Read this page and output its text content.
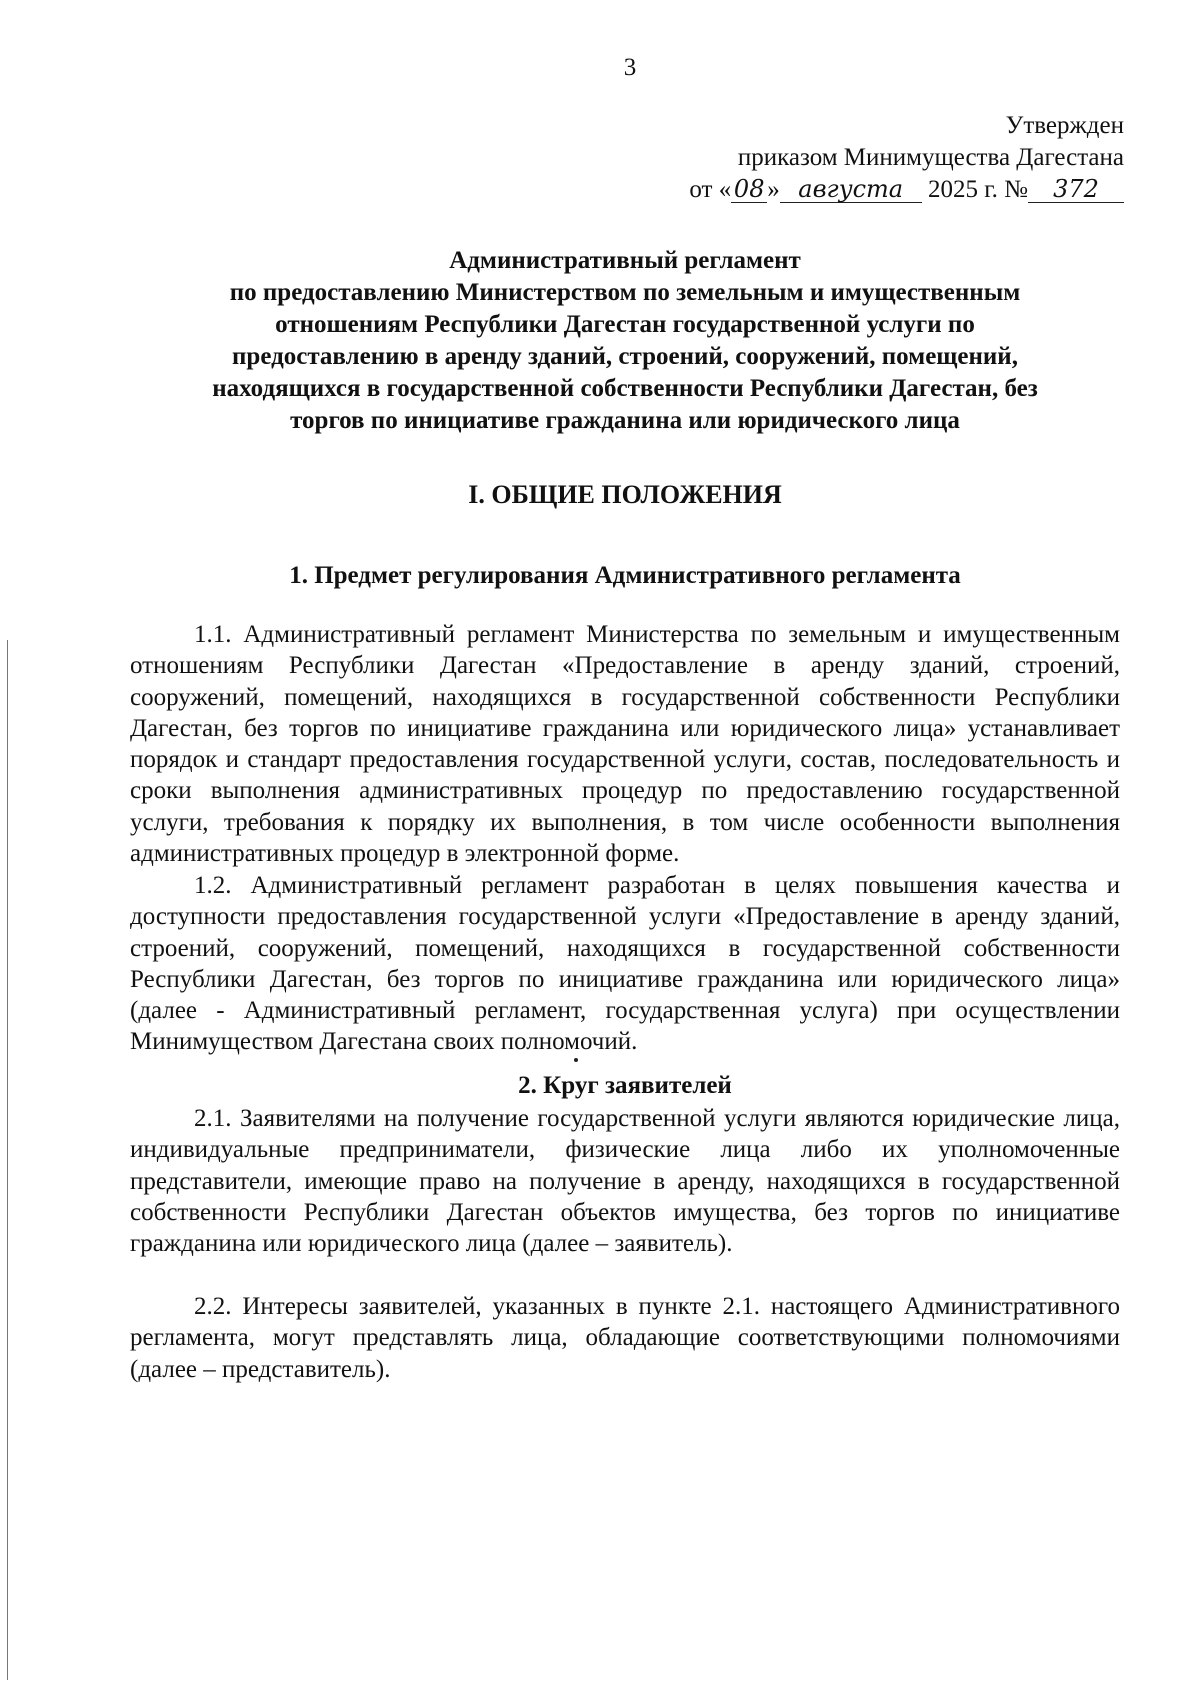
3
Утвержден
приказом Минимущества Дагестана
от « 08 » августа 2025 г. № 372
Административный регламент
по предоставлению Министерством по земельным и имущественным
отношениям Республики Дагестан государственной услуги по
предоставлению в аренду зданий, строений, сооружений, помещений,
находящихся в государственной собственности Республики Дагестан, без
торгов по инициативе гражданина или юридического лица
I. ОБЩИЕ ПОЛОЖЕНИЯ
1. Предмет регулирования Административного регламента

1.1. Административный регламент Министерства по земельным и имущественным отношениям Республики Дагестан «Предоставление в аренду зданий, строений, сооружений, помещений, находящихся в государственной собственности Республики Дагестан, без торгов по инициативе гражданина или юридического лица» устанавливает порядок и стандарт предоставления государственной услуги, состав, последовательность и сроки выполнения административных процедур по предоставлению государственной услуги, требования к порядку их выполнения, в том числе особенности выполнения административных процедур в электронной форме.

1.2. Административный регламент разработан в целях повышения качества и доступности предоставления государственной услуги «Предоставление в аренду зданий, строений, сооружений, помещений, находящихся в государственной собственности Республики Дагестан, без торгов по инициативе гражданина или юридического лица» (далее - Административный регламент, государственная услуга) при осуществлении Минимуществом Дагестана своих полномочий.

2. Круг заявителей

2.1. Заявителями на получение государственной услуги являются юридические лица, индивидуальные предприниматели, физические лица либо их уполномоченные представители, имеющие право на получение в аренду, находящихся в государственной собственности Республики Дагестан объектов имущества, без торгов по инициативе гражданина или юридического лица (далее – заявитель).

2.2. Интересы заявителей, указанных в пункте 2.1. настоящего Административного регламента, могут представлять лица, обладающие соответствующими полномочиями (далее – представитель).
